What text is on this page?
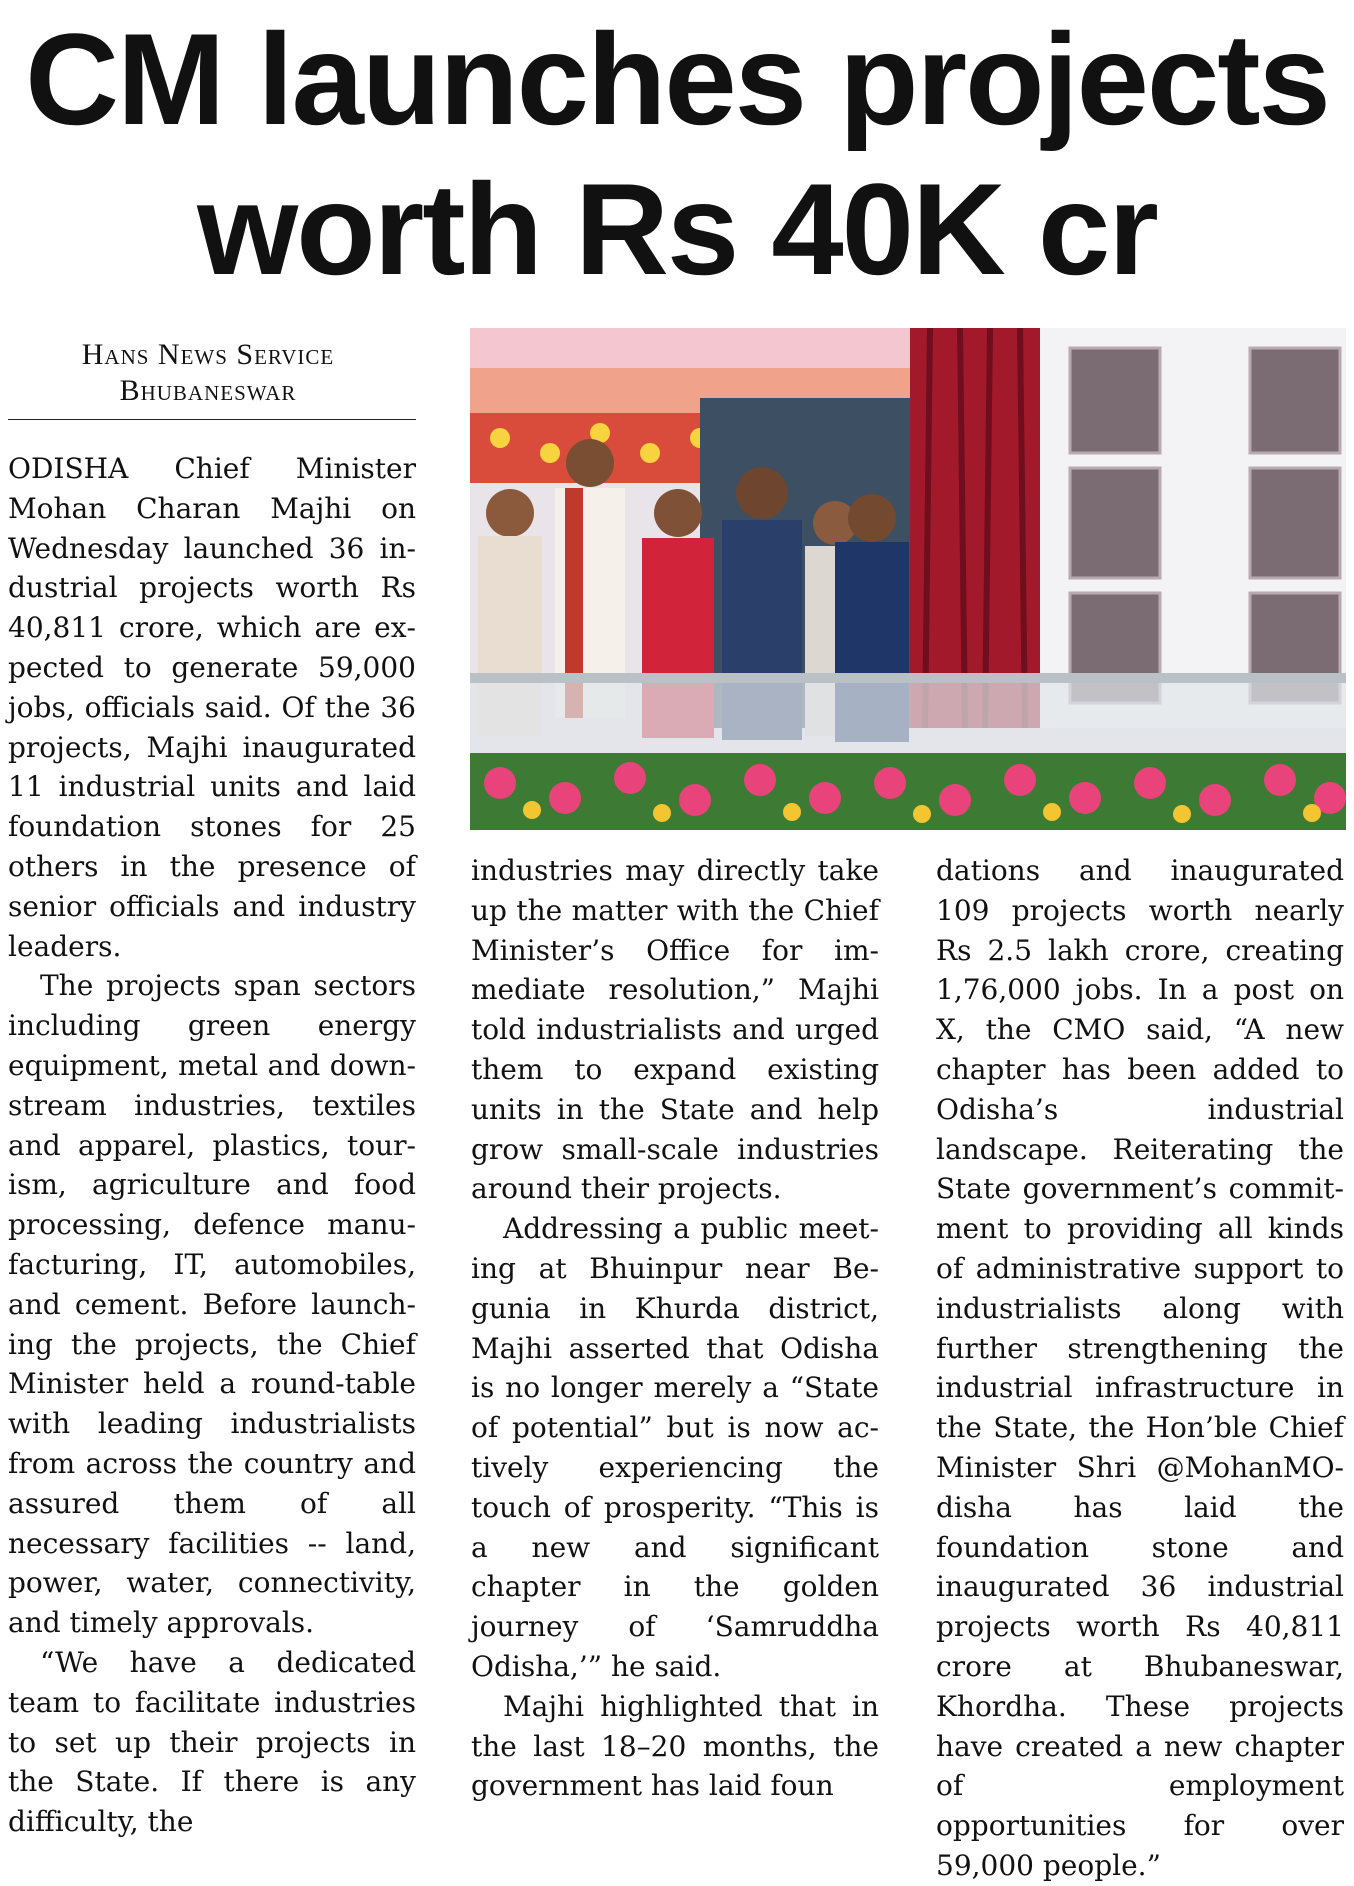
CM launches projects
worth Rs 40K cr
Hans News Service
Bhubaneswar

ODISHA Chief Minister Mohan Charan Majhi on Wednesday launched 36 industrial projects worth Rs 40,811 crore, which are expected to generate 59,000 jobs, officials said. Of the 36 projects, Majhi inaugurated 11 industrial units and laid foundation stones for 25 others in the presence of senior officials and industry leaders.

The projects span sectors including green energy equipment, metal and downstream industries, textiles and apparel, plastics, tourism, agriculture and food processing, defence manufacturing, IT, automobiles, and cement. Before launching the projects, the Chief Minister held a round-table with leading industrialists from across the country and assured them of all necessary facilities -- land, power, water, connectivity, and timely approvals.

“We have a dedicated team to facilitate industries to set up their projects in the State. If there is any difficulty, the

industries may directly take up the matter with the Chief Minister’s Office for immediate resolution,” Majhi told industrialists and urged them to expand existing units in the State and help grow small-scale industries around their projects.

Addressing a public meeting at Bhuinpur near Begunia in Khurda district, Majhi asserted that Odisha is no longer merely a “State of potential” but is now actively experiencing the touch of prosperity. “This is a new and significant chapter in the golden journey of ‘Samruddha Odisha,’” he said.

Majhi highlighted that in the last 18–20 months, the government has laid foun

dations and inaugurated 109 projects worth nearly Rs 2.5 lakh crore, creating 1,76,000 jobs. In a post on X, the CMO said, “A new chapter has been added to Odisha’s industrial landscape. Reiterating the State government’s commitment to providing all kinds of administrative support to industrialists along with further strengthening the industrial infrastructure in the State, the Hon’ble Chief Minister Shri @MohanMOdisha has laid the foundation stone and inaugurated 36 industrial projects worth Rs 40,811 crore at Bhubaneswar, Khordha. These projects have created a new chapter of employment opportunities for over 59,000 people.”
